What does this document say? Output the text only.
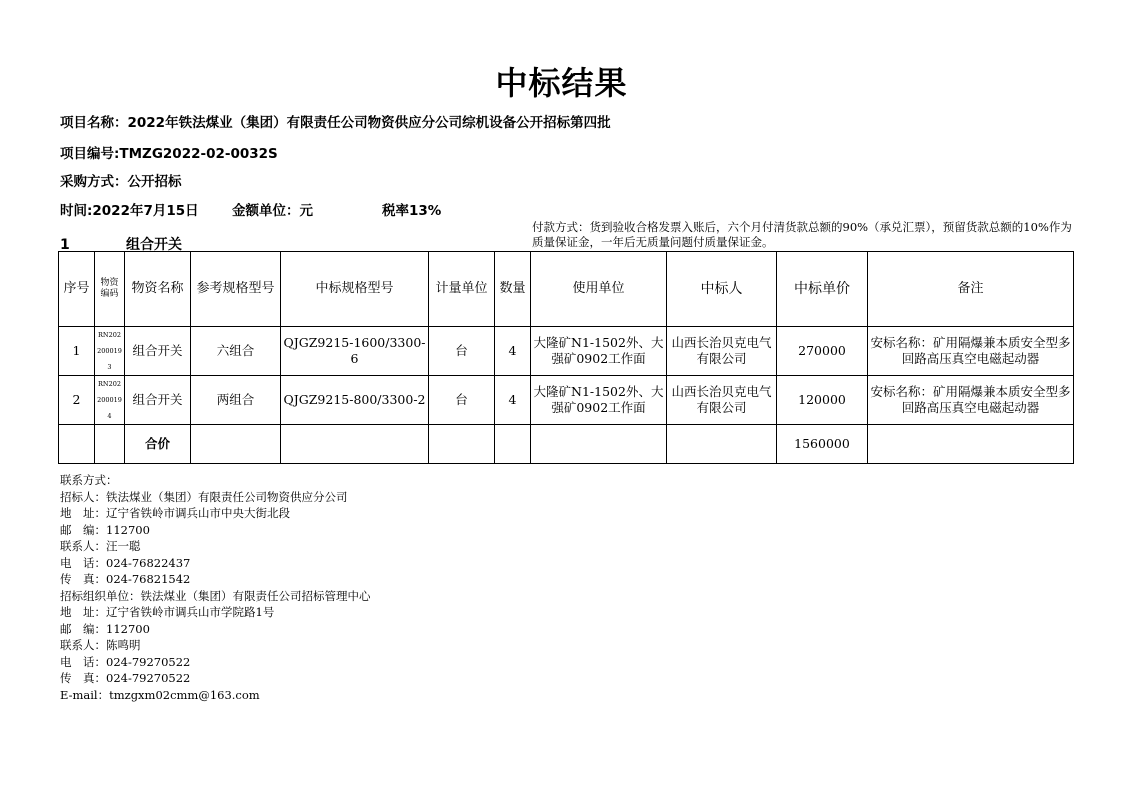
中标结果
项目名称：2022年铁法煤业（集团）有限责任公司物资供应分公司综机设备公开招标第四批
项目编号:TMZG2022-02-0032S
采购方式：公开招标
时间:2022年7月15日 金额单位：元	税率13%
1	组合开关
付款方式：货到验收合格发票入账后，六个月付清货款总额的90%（承兑汇票），预留货款总额的10%作为质量保证金，一年后无质量问题付质量保证金。
序号	物资编码	物资名称	参考规格型号	中标规格型号	计量单位	数量	使用单位	中标人	中标单价	备注
1	RN2022000193	组合开关	六组合	QJGZ9215-1600/3300-6	台	4	大隆矿N1-1502外、大强矿0902工作面	山西长治贝克电气有限公司	270000	安标名称：矿用隔爆兼本质安全型多回路高压真空电磁起动器
2	RN2022000194	组合开关	两组合	QJGZ9215-800/3300-2	台	4	大隆矿N1-1502外、大强矿0902工作面	山西长治贝克电气有限公司	120000	安标名称：矿用隔爆兼本质安全型多回路高压真空电磁起动器
		合价							1560000	
联系方式：
招标人：铁法煤业（集团）有限责任公司物资供应分公司
地　址：辽宁省铁岭市调兵山市中央大街北段
邮　编：112700
联系人：汪一聪
电　话：024-76822437
传　真：024-76821542
招标组织单位：铁法煤业（集团）有限责任公司招标管理中心
地　址：辽宁省铁岭市调兵山市学院路1号
邮　编：112700
联系人：陈鸣明
电　话：024-79270522
传　真：024-79270522
E-mail：tmzgxm02cmm@163.com
